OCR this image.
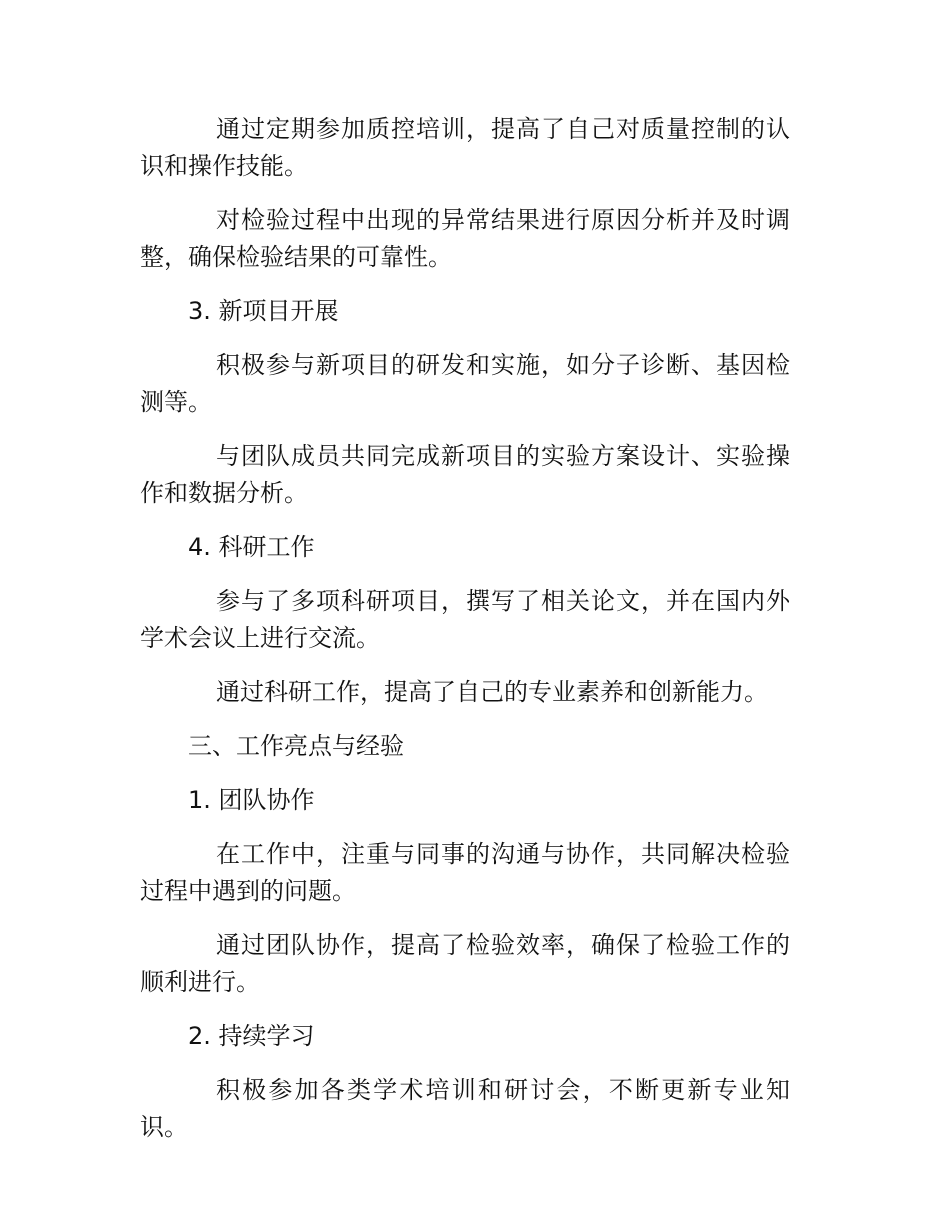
通过定期参加质控培训，提高了自己对质量控制的认识和操作技能。

对检验过程中出现的异常结果进行原因分析并及时调整，确保检验结果的可靠性。

3. 新项目开展

积极参与新项目的研发和实施，如分子诊断、基因检测等。

与团队成员共同完成新项目的实验方案设计、实验操作和数据分析。

4. 科研工作

参与了多项科研项目，撰写了相关论文，并在国内外学术会议上进行交流。

通过科研工作，提高了自己的专业素养和创新能力。

三、工作亮点与经验

1. 团队协作

在工作中，注重与同事的沟通与协作，共同解决检验过程中遇到的问题。

通过团队协作，提高了检验效率，确保了检验工作的顺利进行。

2. 持续学习

积极参加各类学术培训和研讨会，不断更新专业知识。
